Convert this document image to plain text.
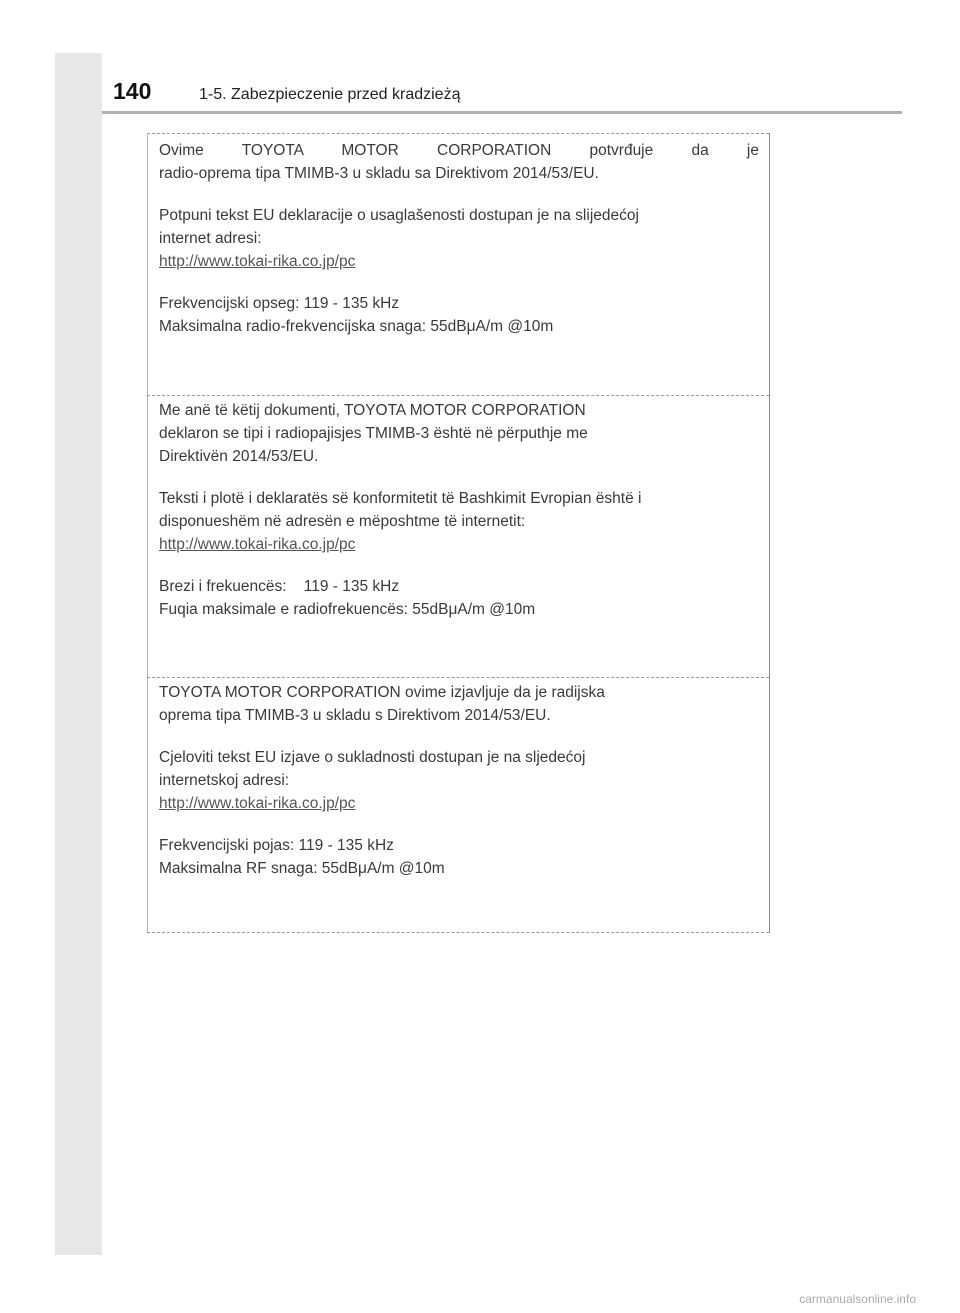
140	1-5. Zabezpieczenie przed kradzieżą

Ovime TOYOTA MOTOR CORPORATION potvrđuje da je

radio-oprema tipa TMIMB-3 u skladu sa Direktivom 2014/53/EU.

Potpuni tekst EU deklaracije o usaglašenosti dostupan je na slijedećoj

internet adresi:

http://www.tokai-rika.co.jp/pc

Frekvencijski opseg: 119 - 135 kHz

Maksimalna radio-frekvencijska snaga: 55dBμA/m @10m

Me anë të këtij dokumenti, TOYOTA MOTOR CORPORATION

deklaron se tipi i radiopajisjes TMIMB-3 është në përputhje me

Direktivën 2014/53/EU.

Teksti i plotë i deklaratës së konformitetit të Bashkimit Evropian është i

disponueshëm në adresën e mëposhtme të internetit:

http://www.tokai-rika.co.jp/pc

Brezi i frekuencës:    119 - 135 kHz

Fuqia maksimale e radiofrekuencës: 55dBμA/m @10m

TOYOTA MOTOR CORPORATION ovime izjavljuje da je radijska

oprema tipa TMIMB-3 u skladu s Direktivom 2014/53/EU.

Cjeloviti tekst EU izjave o sukladnosti dostupan je na sljedećoj

internetskoj adresi:

http://www.tokai-rika.co.jp/pc

Frekvencijski pojas: 119 - 135 kHz

Maksimalna RF snaga: 55dBμA/m @10m

carmanualsonline.info
